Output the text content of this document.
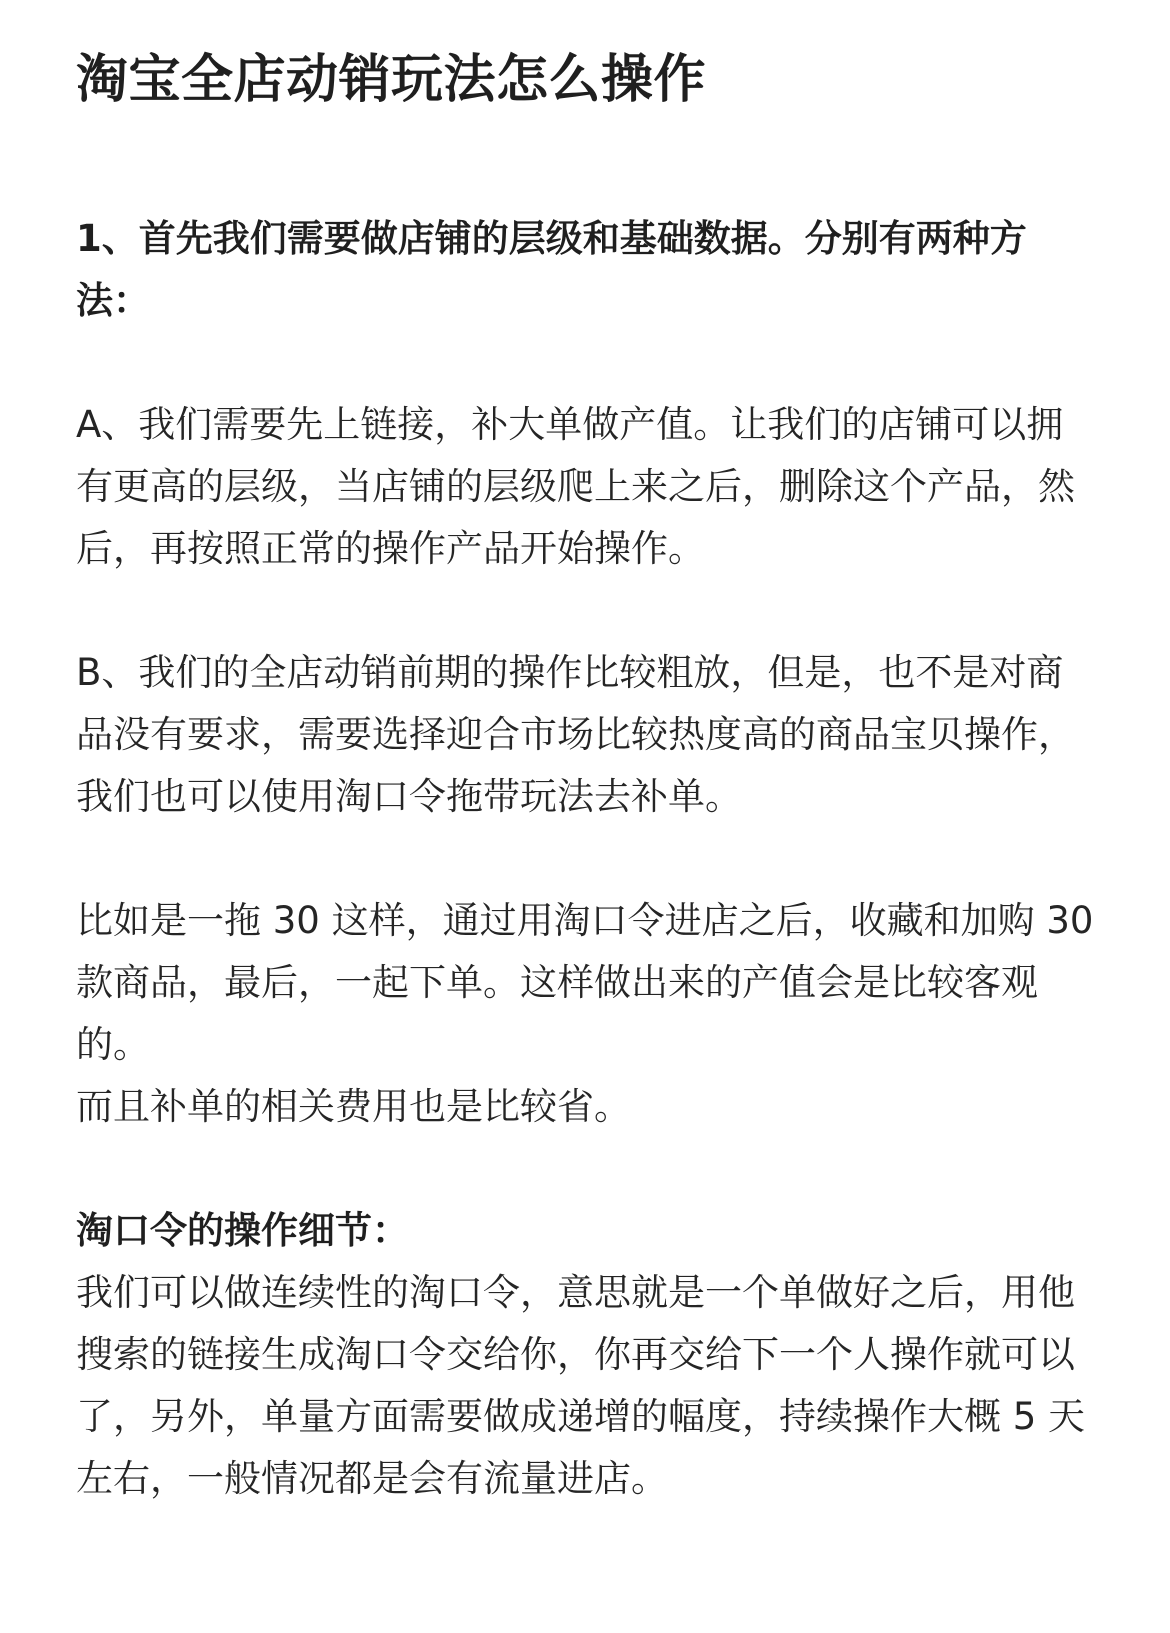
淘宝全店动销玩法怎么操作

1、首先我们需要做店铺的层级和基础数据。分别有两种方法：

A、我们需要先上链接，补大单做产值。让我们的店铺可以拥有更高的层级，当店铺的层级爬上来之后，删除这个产品，然后，再按照正常的操作产品开始操作。

B、我们的全店动销前期的操作比较粗放，但是，也不是对商品没有要求，需要选择迎合市场比较热度高的商品宝贝操作，我们也可以使用淘口令拖带玩法去补单。

比如是一拖 30 这样，通过用淘口令进店之后，收藏和加购 30 款商品，最后，一起下单。这样做出来的产值会是比较客观的。

而且补单的相关费用也是比较省。

淘口令的操作细节：

我们可以做连续性的淘口令，意思就是一个单做好之后，用他搜索的链接生成淘口令交给你，你再交给下一个人操作就可以了，另外，单量方面需要做成递增的幅度，持续操作大概 5 天左右，一般情况都是会有流量进店。
